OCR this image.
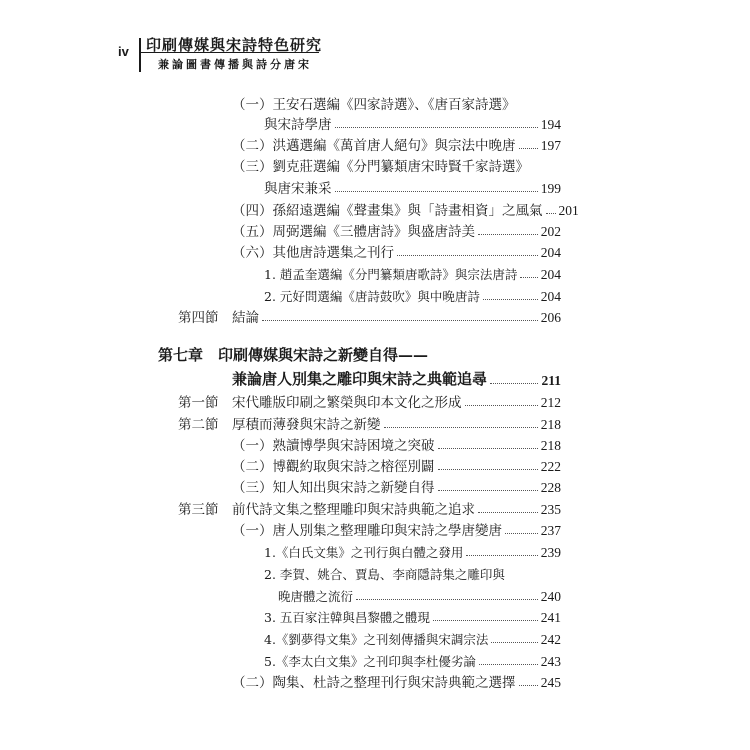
iv 印刷傳媒與宋詩特色研究
兼論圖書傳播與詩分唐宋
（一）王安石選編《四家詩選》、《唐百家詩選》
與宋詩學唐	194
（二）洪邁選編《萬首唐人絕句》與宗法中晚唐 197
（三）劉克莊選編《分門纂類唐宋時賢千家詩選》
與唐宋兼采	199
（四）孫紹遠選編《聲畫集》與「詩畫相資」之風氣 201
（五）周弼選編《三體唐詩》與盛唐詩美	202
（六）其他唐詩選集之刊行	204
1. 趙孟奎選編《分門纂類唐歌詩》與宗法唐詩 204
2. 元好問選編《唐詩鼓吹》與中晚唐詩	204
第四節　結論	206
第七章　印刷傳媒與宋詩之新變自得——
兼論唐人別集之雕印與宋詩之典範追尋	211
第一節　宋代雕版印刷之繁榮與印本文化之形成	212
第二節　厚積而薄發與宋詩之新變	218
（一）熟讀博學與宋詩困境之突破	218
（二）博觀約取與宋詩之榕徑別闢	222
（三）知人知出與宋詩之新變自得	228
第三節　前代詩文集之整理雕印與宋詩典範之追求	235
（一）唐人別集之整理雕印與宋詩之學唐變唐	237
1.《白氏文集》之刊行與白體之發用	239
2. 李賀、姚合、賈島、李商隱詩集之雕印與
晚唐體之流衍	240
3. 五百家注韓與昌黎體之體現	241
4.《劉夢得文集》之刊刻傳播與宋調宗法	242
5.《李太白文集》之刊印與李杜優劣論	243
（二）陶集、杜詩之整理刊行與宋詩典範之選擇 245
